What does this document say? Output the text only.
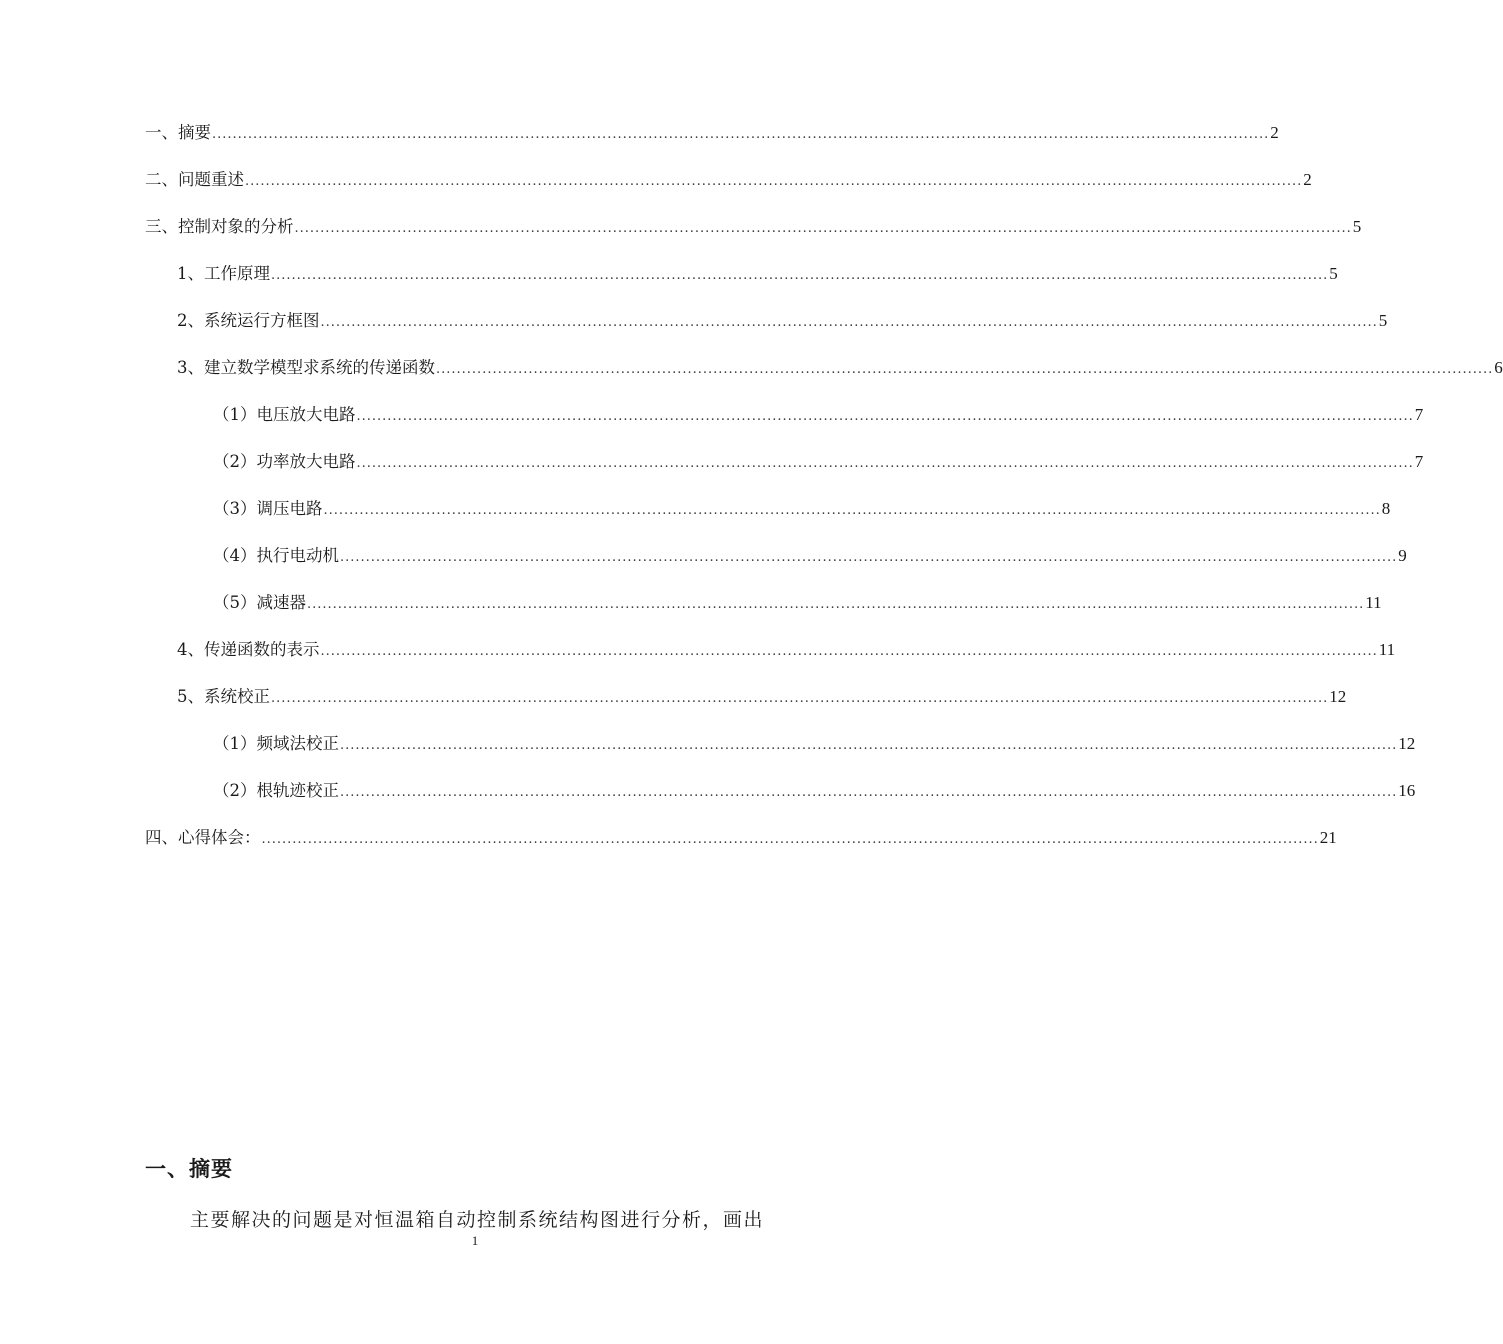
一、摘要 .............................................................................................................................................................................................................. 2
二、问题重述 .............................................................................................................................................................................................................. 2
三、控制对象的分析 .............................................................................................................................................................................................................. 5
1、工作原理 .............................................................................................................................................................................................................. 5
2、系统运行方框图 .............................................................................................................................................................................................................. 5
3、建立数学模型求系统的传递函数 .............................................................................................................................................................................................................. 6
（1）电压放大电路 .............................................................................................................................................................................................................. 7
（2）功率放大电路 .............................................................................................................................................................................................................. 7
（3）调压电路 .............................................................................................................................................................................................................. 8
（4）执行电动机 .............................................................................................................................................................................................................. 9
（5）减速器 .............................................................................................................................................................................................................. 11
4、传递函数的表示 .............................................................................................................................................................................................................. 11
5、系统校正 .............................................................................................................................................................................................................. 12
（1）频域法校正 .............................................................................................................................................................................................................. 12
（2）根轨迹校正 .............................................................................................................................................................................................................. 16
四、心得体会： .............................................................................................................................................................................................................. 21
一、摘要
主要解决的问题是对恒温箱自动控制系统结构图进行分析，画出
1
